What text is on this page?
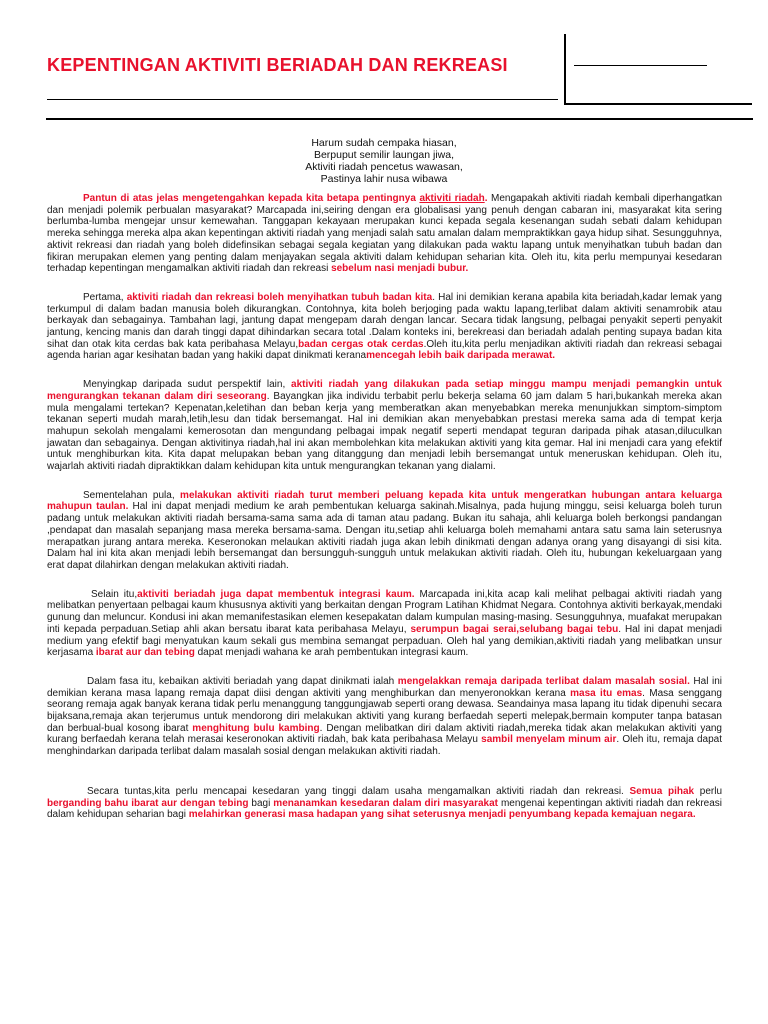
KEPENTINGAN AKTIVITI BERIADAH DAN REKREASI
Harum sudah cempaka hiasan,
Berpuput semilir laungan jiwa,
Aktiviti riadah pencetus wawasan,
Pastinya lahir nusa wibawa

Pantun di atas jelas mengetengahkan kepada kita betapa pentingnya aktiviti riadah. Mengapakah aktiviti riadah kembali diperhangatkan dan menjadi polemik perbualan masyarakat? Marcapada ini,seiring dengan era globalisasi yang penuh dengan cabaran ini, masyarakat kita sering berlumba-lumba mengejar unsur kemewahan. Tanggapan kekayaan merupakan kunci kepada segala kesenangan sudah sebati dalam kehidupan mereka sehingga mereka alpa akan kepentingan aktiviti riadah yang menjadi salah satu amalan dalam mempraktikkan gaya hidup sihat. Sesungguhnya, aktivit rekreasi dan riadah yang boleh didefinsikan sebagai segala kegiatan yang dilakukan pada waktu lapang untuk menyihatkan tubuh badan dan fikiran merupakan elemen yang penting dalam menjayakan segala aktiviti dalam kehidupan seharian kita. Oleh itu, kita perlu mempunyai kesedaran terhadap kepentingan mengamalkan aktiviti riadah dan rekreasi sebelum nasi menjadi bubur.

Pertama, aktiviti riadah dan rekreasi boleh menyihatkan tubuh badan kita. Hal ini demikian kerana apabila kita beriadah,kadar lemak yang terkumpul di dalam badan manusia boleh dikurangkan. Contohnya, kita boleh berjoging pada waktu lapang,terlibat dalam aktiviti senamrobik atau berkayak dan sebagainya. Tambahan lagi, jantung dapat mengepam darah dengan lancar. Secara tidak langsung, pelbagai penyakit seperti penyakit jantung, kencing manis dan darah tinggi dapat dihindarkan secara total .Dalam konteks ini, berekreasi dan beriadah adalah penting supaya badan kita sihat dan otak kita cerdas bak kata peribahasa Melayu,badan cergas otak cerdas.Oleh itu,kita perlu menjadikan aktiviti riadah dan rekreasi sebagai agenda harian agar kesihatan badan yang hakiki dapat dinikmati keranamencegah lebih baik daripada merawat.

Menyingkap daripada sudut perspektif lain, aktiviti riadah yang dilakukan pada setiap minggu mampu menjadi pemangkin untuk mengurangkan tekanan dalam diri seseorang. Bayangkan jika individu terbabit perlu bekerja selama 60 jam dalam 5 hari,bukankah mereka akan mula mengalami tertekan? Kepenatan,keletihan dan beban kerja yang memberatkan akan menyebabkan mereka menunjukkan simptom-simptom tekanan seperti mudah marah,letih,lesu dan tidak bersemangat. Hal ini demikian akan menyebabkan prestasi mereka sama ada di tempat kerja mahupun sekolah mengalami kemerosotan dan mengundang pelbagai impak negatif seperti mendapat teguran daripada pihak atasan,diluculkan jawatan dan sebagainya. Dengan aktivitinya riadah,hal ini akan membolehkan kita melakukan aktiviti yang kita gemar. Hal ini menjadi cara yang efektif untuk menghiburkan kita. Kita dapat melupakan beban yang ditanggung dan menjadi lebih bersemangat untuk meneruskan kehidupan. Oleh itu, wajarlah aktiviti riadah dipraktikkan dalam kehidupan kita untuk mengurangkan tekanan yang dialami.

Sementelahan pula, melakukan aktiviti riadah turut memberi peluang kepada kita untuk mengeratkan hubungan antara keluarga mahupun taulan. Hal ini dapat menjadi medium ke arah pembentukan keluarga sakinah.Misalnya, pada hujung minggu, seisi keluarga boleh turun padang untuk melakukan aktiviti riadah bersama-sama sama ada di taman atau padang. Bukan itu sahaja, ahli keluarga boleh berkongsi pandangan ,pendapat dan masalah sepanjang masa mereka bersama-sama. Dengan itu,setiap ahli keluarga boleh memahami antara satu sama lain seterusnya merapatkan jurang antara mereka. Keseronokan melaukan aktiviti riadah juga akan lebih dinikmati dengan adanya orang yang disayangi di sisi kita. Dalam hal ini kita akan menjadi lebih bersemangat dan bersungguh-sungguh untuk melakukan aktiviti riadah. Oleh itu, hubungan kekeluargaan yang erat dapat dilahirkan dengan melakukan aktiviti riadah.

Selain itu,aktiviti beriadah juga dapat membentuk integrasi kaum. Marcapada ini,kita acap kali melihat pelbagai aktiviti riadah yang melibatkan penyertaan pelbagai kaum khususnya aktiviti yang berkaitan dengan Program Latihan Khidmat Negara. Contohnya aktiviti berkayak,mendaki gunung dan meluncur. Kondusi ini akan memanifestasikan elemen kesepakatan dalam kumpulan masing-masing. Sesungguhnya, muafakat merupakan inti kepada perpaduan.Setiap ahli akan bersatu ibarat kata peribahasa Melayu, serumpun bagai serai,selubang bagai tebu. Hal ini dapat menjadi medium yang efektif bagi menyatukan kaum sekali gus membina semangat perpaduan. Oleh hal yang demikian,aktiviti riadah yang melibatkan unsur kerjasama ibarat aur dan tebing dapat menjadi wahana ke arah pembentukan integrasi kaum.

Dalam fasa itu, kebaikan aktiviti beriadah yang dapat dinikmati ialah mengelakkan remaja daripada terlibat dalam masalah sosial. Hal ini demikian kerana masa lapang remaja dapat diisi dengan aktiviti yang menghiburkan dan menyeronokkan kerana masa itu emas. Masa senggang seorang remaja agak banyak kerana tidak perlu menanggung tanggungjawab seperti orang dewasa. Seandainya masa lapang itu tidak dipenuhi secara bijaksana,remaja akan terjerumus untuk mendorong diri melakukan aktiviti yang kurang berfaedah seperti melepak,bermain komputer tanpa batasan dan berbual-bual kosong ibarat menghitung bulu kambing. Dengan melibatkan diri dalam aktiviti riadah,mereka tidak akan melakukan aktiviti yang kurang berfaedah kerana telah merasai keseronokan aktiviti riadah, bak kata peribahasa Melayu sambil menyelam minum air. Oleh itu, remaja dapat menghindarkan daripada terlibat dalam masalah sosial dengan melakukan aktiviti riadah.

Secara tuntas,kita perlu mencapai kesedaran yang tinggi dalam usaha mengamalkan aktiviti riadah dan rekreasi. Semua pihak perlu berganding bahu ibarat aur dengan tebing bagi menanamkan kesedaran dalam diri masyarakat mengenai kepentingan aktiviti riadah dan rekreasi dalam kehidupan seharian bagi melahirkan generasi masa hadapan yang sihat seterusnya menjadi penyumbang kepada kemajuan negara.
